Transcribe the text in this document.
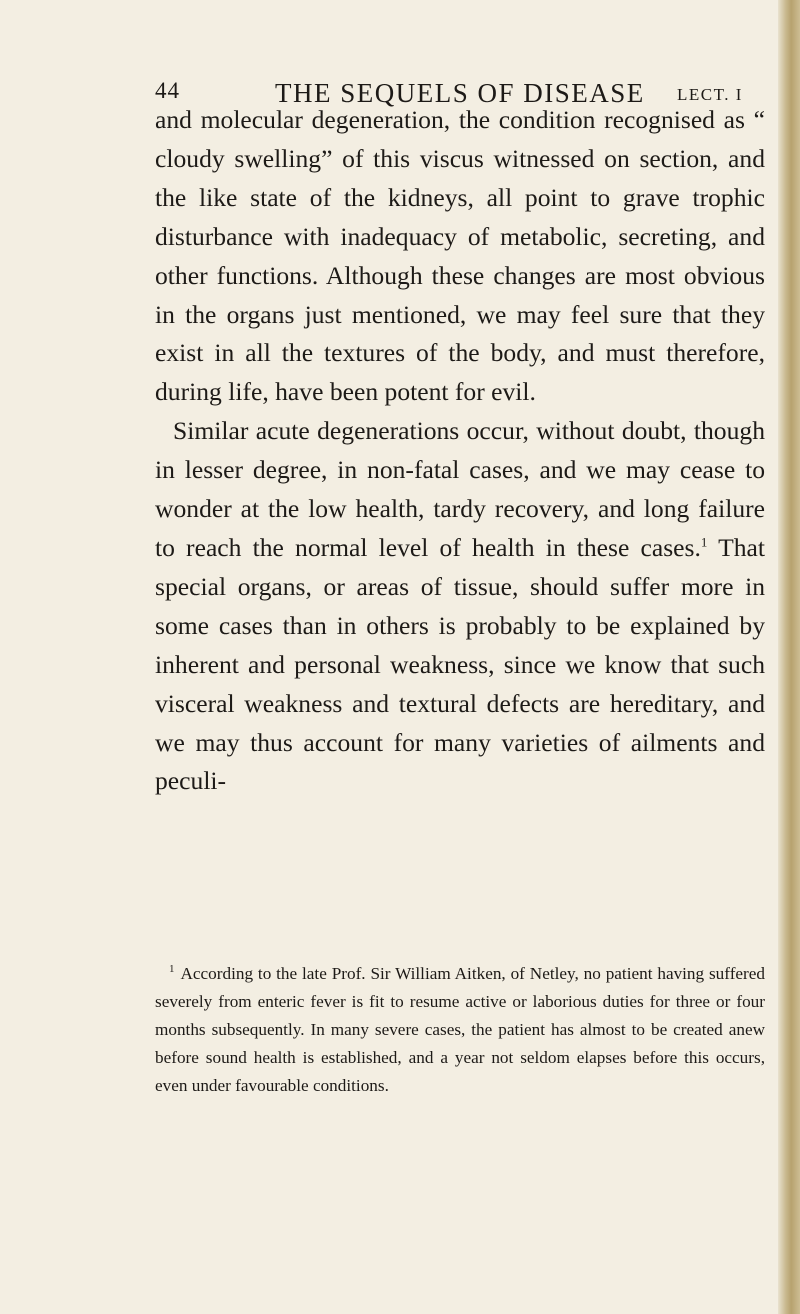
44	THE SEQUELS OF DISEASE LECT. I

and molecular degeneration, the condition recognised as “ cloudy swelling” of this viscus witnessed on section, and the like state of the kidneys, all point to grave trophic disturbance with inadequacy of metabolic, secreting, and other functions. Although these changes are most obvious in the organs just mentioned, we may feel sure that they exist in all the textures of the body, and must therefore, during life, have been potent for evil.

Similar acute degenerations occur, without doubt, though in lesser degree, in non-fatal cases, and we may cease to wonder at the low health, tardy recovery, and long failure to reach the normal level of health in these cases.$^1$ That special organs, or areas of tissue, should suffer more in some cases than in others is probably to be explained by inherent and personal weakness, since we know that such visceral weakness and textural defects are hereditary, and we may thus account for many varieties of ailments and peculi-

$^1$ According to the late Prof. Sir William Aitken, of Netley, no patient having suffered severely from enteric fever is fit to resume active or laborious duties for three or four months subsequently. In many severe cases, the patient has almost to be created anew before sound health is established, and a year not seldom elapses before this occurs, even under favourable conditions.
